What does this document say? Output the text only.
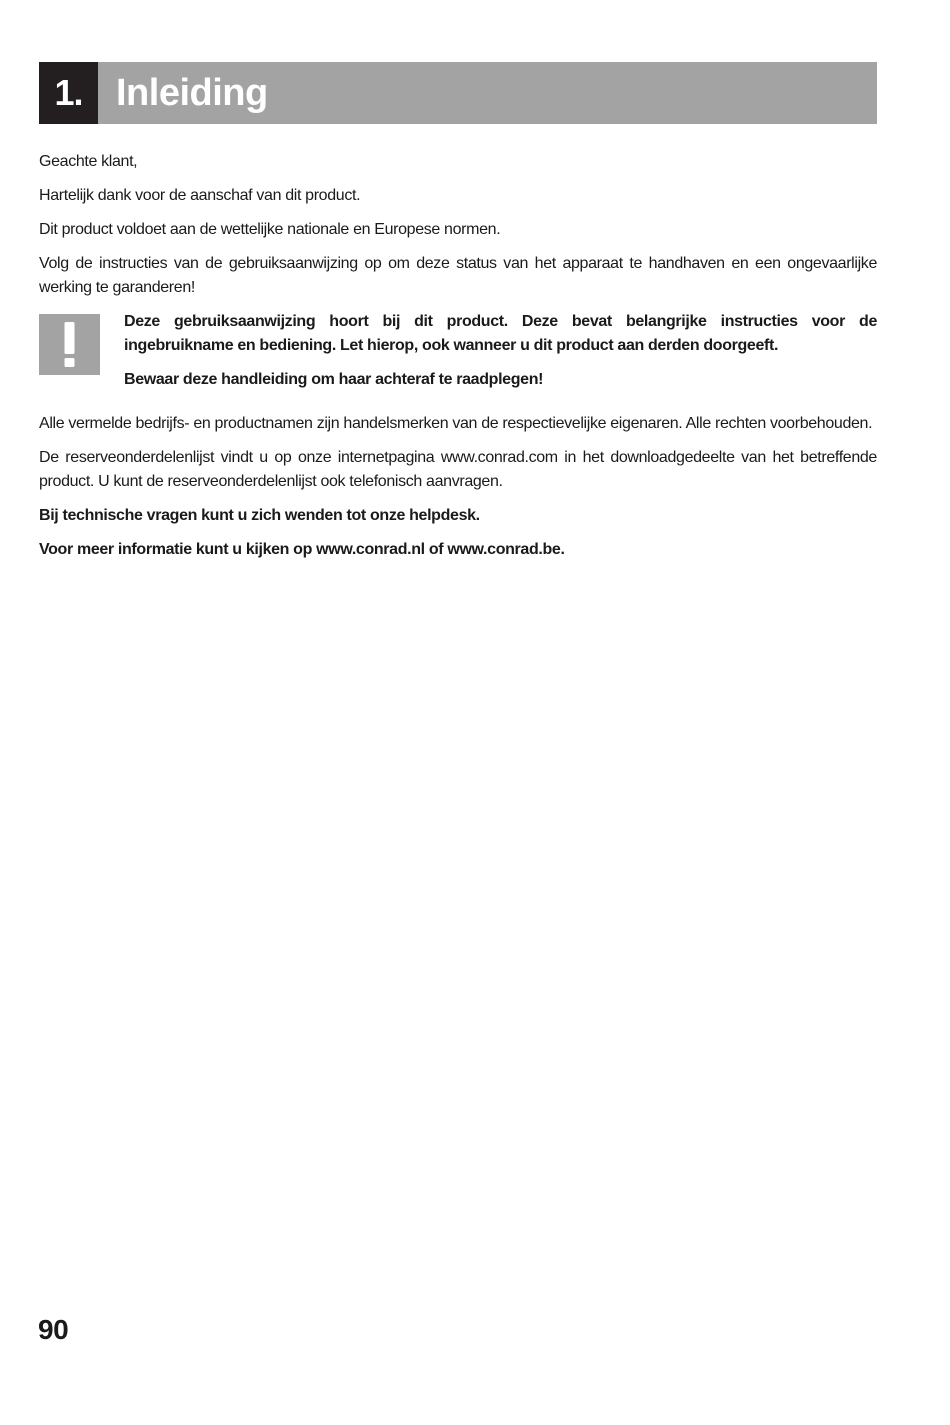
1. Inleiding

Geachte klant,

Hartelijk dank voor de aanschaf van dit product.

Dit product voldoet aan de wettelijke nationale en Europese normen.

Volg de instructies van de gebruiksaanwijzing op om deze status van het apparaat te handhaven en een ongevaarlijke werking te garanderen!

Deze gebruiksaanwijzing hoort bij dit product. Deze bevat belangrijke instructies voor de ingebruikname en bediening. Let hierop, ook wanneer u dit product aan derden doorgeeft.

Bewaar deze handleiding om haar achteraf te raadplegen!

Alle vermelde bedrijfs- en productnamen zijn handelsmerken van de respectievelijke eigenaren. Alle rechten voorbehouden.

De reserveonderdelenlijst vindt u op onze internetpagina www.conrad.com in het downloadgedeelte van het betreffende product. U kunt de reserveonderdelenlijst ook telefonisch aanvragen.

Bij technische vragen kunt u zich wenden tot onze helpdesk.

Voor meer informatie kunt u kijken op www.conrad.nl of www.conrad.be.

90
